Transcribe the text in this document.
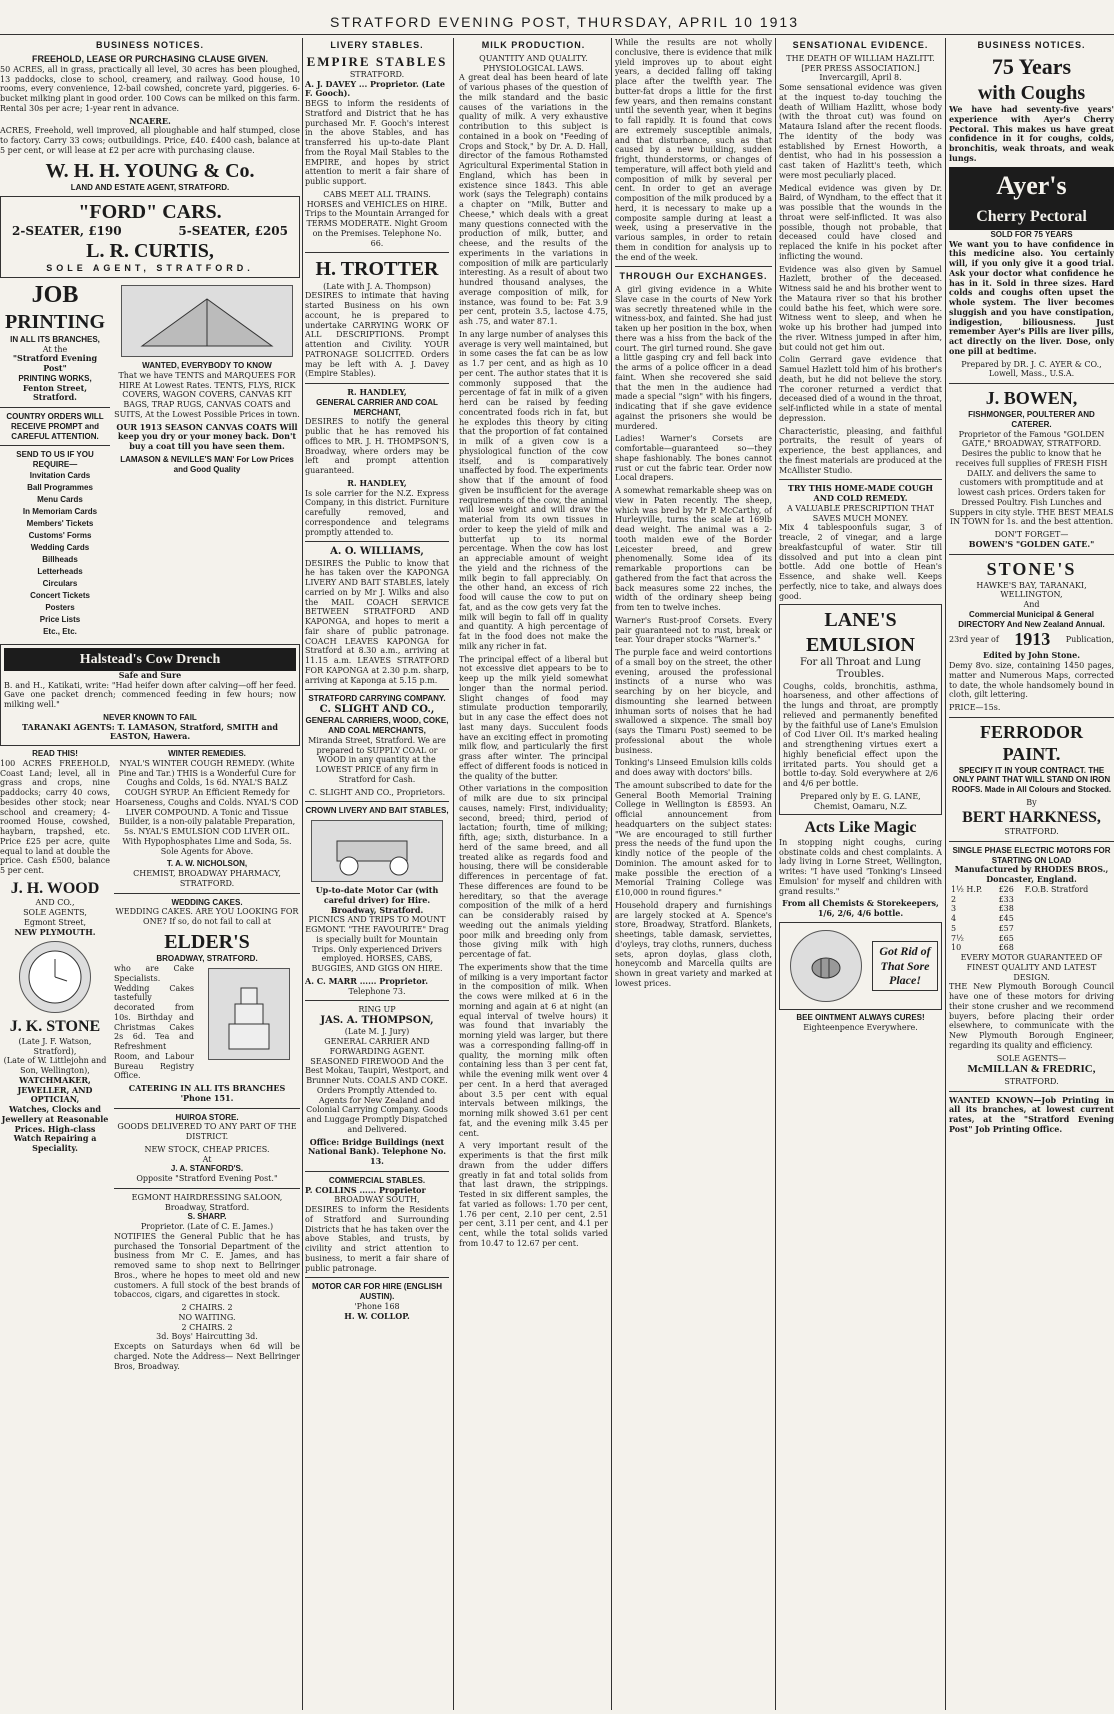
STRATFORD EVENING POST, THURSDAY, APRIL 10 1913
BUSINESS NOTICES.
FREEHOLD, LEASE OR PURCHASING CLAUSE GIVEN.

50 ACRES, all in grass, practically all level, 30 acres has been ploughed, 13 paddocks, close to school, creamery, and railway. Good house, 10 rooms, every convenience, 12-bail cowshed, concrete yard, piggeries. 6-bucket milking plant in good order. 100 Cows can be milked on this farm. Rental 30s per acre; 1-year rent in advance.

NCAERE.

ACRES, Freehold, well improved, all ploughable and half stumped, close to factory. Carry 33 cows; outbuildings. Price, £40. £400 cash, balance at 5 per cent, or will lease at £2 per acre with purchasing clause.

W. H. H. YOUNG & Co.
LAND AND ESTATE AGENT, STRATFORD.
"FORD" CARS.
2-SEATER, £190	5-SEATER, £205
L. R. CURTIS,
SOLE AGENT, STRATFORD.
JOB
PRINTING
IN ALL ITS BRANCHES,
At the
"Stratford Evening Post"
PRINTING WORKS,
Fenton Street, Stratford.
COUNTRY ORDERS WILL
RECEIVE PROMPT and CAREFUL ATTENTION.
SEND TO US IF YOU REQUIRE—
Invitation Cards
Ball Programmes
Menu Cards
In Memoriam Cards
Members' Tickets
Customs' Forms
Wedding Cards
Billheads
Letterheads
Circulars
Concert Tickets
Posters
Price Lists
Etc., Etc.
WANTED, EVERYBODY TO KNOW

That we have TENTS and MARQUEES FOR HIRE At Lowest Rates. TENTS, FLYS, RICK COVERS, WAGON COVERS, CANVAS KIT BAGS, TRAP RUGS, CANVAS COATS and SUITS, At the Lowest Possible Prices in town.

OUR 1913 SEASON CANVAS COATS Will keep you dry or your money back. Don't buy a coat till you have seen them.

LAMASON & NEVILLE'S MAN' For Low Prices and Good Quality
Halstead's Cow Drench
Safe and Sure

B. and H., Katikati, write: "Had heifer down after calving—off her feed. Gave one packet drench; commenced feeding in few hours; now milking well."

NEVER KNOWN TO FAIL
TARANAKI AGENTS: T. LAMASON, Stratford, SMITH and EASTON, Hawera.
READ THIS!

100 ACRES FREEHOLD, Coast Land; level, all in grass and crops, nine paddocks; carry 40 cows, besides other stock; near school and creamery; 4-roomed House, cowshed, haybarn, trapshed, etc. Price £25 per acre, quite equal to land at double the price. Cash £500, balance 5 per cent.

J. H. WOOD
AND CO.,
SOLE AGENTS,
Egmont Street,
NEW PLYMOUTH.
J. K. STONE
(Late J. F. Watson, Stratford),
(Late of W. Littlejohn and Son, Wellington),
WATCHMAKER, JEWELLER, AND OPTICIAN,
Watches, Clocks and Jewellery at Reasonable Prices. High-class Watch Repairing a Speciality.
WINTER REMEDIES.

NYAL'S WINTER COUGH REMEDY. (White Pine and Tar.) THIS is a Wonderful Cure for Coughs and Colds, 1s 6d. NYAL'S BALZ COUGH SYRUP. An Efficient Remedy for Hoarseness, Coughs and Colds. NYAL'S COD LIVER COMPOUND. A Tonic and Tissue Builder, is a non-oily palatable Preparation, 5s. NYAL'S EMULSION COD LIVER OIL. With Hypophosphates Lime and Soda, 5s. Sole Agents for Above.

T. A. W. NICHOLSON,
CHEMIST, BROADWAY PHARMACY, STRATFORD.
WEDDING CAKES.

WEDDING CAKES. ARE YOU LOOKING FOR ONE? If so, do not fail to call at

ELDER'S
BROADWAY, STRATFORD.

who are Cake Specialists. Wedding Cakes tastefully decorated from 10s. Birthday and Christmas Cakes 2s 6d. Tea and Refreshment Room, and Labour Bureau Registry Office.

CATERING IN ALL ITS BRANCHES 'Phone 151.
HUIROA STORE.

GOODS DELIVERED TO ANY PART OF THE DISTRICT.

NEW STOCK, CHEAP PRICES.
At
J. A. STANFORD'S.
Opposite "Stratford Evening Post."
EGMONT HAIRDRESSING SALOON,
Broadway, Stratford.
S. SHARP.
Proprietor. (Late of C. E. James.)

NOTIFIES the General Public that he has purchased the Tonsorial Department of the business from Mr C. E. James, and has removed same to shop next to Bellringer Bros., where he hopes to meet old and new customers. A full stock of the best brands of tobaccos, cigars, and cigarettes in stock.

2 CHAIRS. 2
NO WAITING.
2 CHAIRS. 2
3d. Boys' Haircutting 3d.

Excepts on Saturdays when 6d will be charged. Note the Address— Next Bellringer Bros, Broadway.

LIVERY STABLES.
EMPIRE STABLES
STRATFORD.
A. J. DAVEY ... Proprietor. (Late F. Gooch).

BEGS to inform the residents of Stratford and District that he has purchased Mr. F. Gooch's interest in the above Stables, and has transferred his up-to-date Plant from the Royal Mail Stables to the EMPIRE, and hopes by strict attention to merit a fair share of public support.

CABS MEET ALL TRAINS. HORSES and VEHICLES on HIRE. Trips to the Mountain Arranged for TERMS MODERATE. Night Groom on the Premises. Telephone No. 66.

H. TROTTER
(Late with J. A. Thompson)

DESIRES to intimate that having started Business on his own account, he is prepared to undertake CARRYING WORK OF ALL DESCRIPTIONS. Prompt attention and Civility. YOUR PATRONAGE SOLICITED. Orders may be left with A. J. Davey (Empire Stables).

R. HANDLEY,
GENERAL CARRIER AND COAL MERCHANT,

DESIRES to notify the general public that he has removed his offices to MR. J. H. THOMPSON'S, Broadway, where orders may be left and prompt attention guaranteed.

R. HANDLEY,

Is sole carrier for the N.Z. Express Company, in this district. Furniture carefully removed, and correspondence and telegrams promptly attended to.

A. O. WILLIAMS,

DESIRES the Public to know that he has taken over the KAPONGA LIVERY AND BAIT STABLES, lately carried on by Mr J. Wilks and also the MAIL COACH SERVICE BETWEEN STRATFORD AND KAPONGA, and hopes to merit a fair share of public patronage. COACH LEAVES KAPONGA for Stratford at 8.30 a.m., arriving at 11.15 a.m. LEAVES STRATFORD FOR KAPONGA at 2.30 p.m. sharp, arriving at Kaponga at 5.15 p.m.

STRATFORD CARRYING COMPANY.
C. SLIGHT AND CO.,
GENERAL CARRIERS, WOOD, COKE, AND COAL MERCHANTS,

Miranda Street, Stratford. We are prepared to SUPPLY COAL or WOOD in any quantity at the LOWEST PRICE of any firm in Stratford for Cash.

C. SLIGHT AND CO., Proprietors.
CROWN LIVERY AND BAIT STABLES,
Up-to-date Motor Car (with careful driver) for Hire. Broadway, Stratford.

PICNICS AND TRIPS TO MOUNT EGMONT. "THE FAVOURITE" Drag is specially built for Mountain Trips. Only experienced Drivers employed. HORSES, CABS, BUGGIES, AND GIGS ON HIRE.

A. C. MARR ...... Proprietor.
Telephone 73.
RING UP
JAS. A. THOMPSON,
(Late M. J. Jury)

GENERAL CARRIER AND FORWARDING AGENT. SEASONED FIREWOOD And the Best Mokau, Taupiri, Westport, and Brunner Nuts. COALS AND COKE. Orders Promptly Attended to. Agents for New Zealand and Colonial Carrying Company. Goods and Luggage Promptly Dispatched and Delivered.

Office: Bridge Buildings (next National Bank). Telephone No. 13.

COMMERCIAL STABLES.
P. COLLINS ...... Proprietor
BROADWAY SOUTH,

DESIRES to inform the Residents of Stratford and Surrounding Districts that he has taken over the above Stables, and trusts, by civility and strict attention to business, to merit a fair share of public patronage.

MOTOR CAR FOR HIRE (ENGLISH AUSTIN).
'Phone 168
H. W. COLLOP.
MILK PRODUCTION.
QUANTITY AND QUALITY.
PHYSIOLOGICAL LAWS.

A great deal has been heard of late of various phases of the question of the milk standard and the basic causes of the variations in the quality of milk. A very exhaustive contribution to this subject is contained in a book on "Feeding of Crops and Stock," by Dr. A. D. Hall, director of the famous Rothamsted Agricultural Experimental Station in England, which has been in existence since 1843. This able work (says the Telegraph) contains a chapter on "Milk, Butter and Cheese," which deals with a great many questions connected with the production of milk, butter, and cheese, and the results of the experiments in the variations in composition of milk are particularly interesting. As a result of about two hundred thousand analyses, the average composition of milk, for instance, was found to be: Fat 3.9 per cent, protein 3.5, lactose 4.75, ash .75, and water 87.1.

In any large number of analyses this average is very well maintained, but in some cases the fat can be as low as 1.7 per cent, and as high as 10 per cent. The author states that it is commonly supposed that the percentage of fat in milk of a given herd can be raised by feeding concentrated foods rich in fat, but he explodes this theory by citing that the proportion of fat contained in milk of a given cow is a physiological function of the cow itself, and is comparatively unaffected by food. The experiments show that if the amount of food given be insufficient for the average requirements of the cow, the animal will lose weight and will draw the material from its own tissues in order to keep the yield of milk and butterfat up to its normal percentage. When the cow has lost an appreciable amount of weight the yield and the richness of the milk begin to fall appreciably. On the other hand, an excess of rich food will cause the cow to put on fat, and as the cow gets very fat the milk will begin to fall off in quality and quantity. A high percentage of fat in the food does not make the milk any richer in fat.

The principal effect of a liberal but not excessive diet appears to be to keep up the milk yield somewhat longer than the normal period. Slight changes of food may stimulate production temporarily, but in any case the effect does not last many days. Succulent foods have an exciting effect in promoting milk flow, and particularly the first grass after winter. The principal effect of different foods is noticed in the quality of the butter.

Other variations in the composition of milk are due to six principal causes, namely: First, individuality; second, breed; third, period of lactation; fourth, time of milking; fifth, age; sixth, disturbance. In a herd of the same breed, and all treated alike as regards food and housing, there will be considerable differences in percentage of fat. These differences are found to be hereditary, so that the average composition of the milk of a herd can be considerably raised by weeding out the animals yielding poor milk and breeding only from those giving milk with high percentage of fat.

The experiments show that the time of milking is a very important factor in the composition of milk. When the cows were milked at 6 in the morning and again at 6 at night (an equal interval of twelve hours) it was found that invariably the morning yield was larger, but there was a corresponding falling-off in quality, the morning milk often containing less than 3 per cent fat, while the evening milk went over 4 per cent. In a herd that averaged about 3.5 per cent with equal intervals between milkings, the morning milk showed 3.61 per cent fat, and the evening milk 3.45 per cent.

A very important result of the experiments is that the first milk drawn from the udder differs greatly in fat and total solids from that last drawn, the strippings. Tested in six different samples, the fat varied as follows: 1.70 per cent, 1.76 per cent, 2.10 per cent, 2.51 per cent, 3.11 per cent, and 4.1 per cent, while the total solids varied from 10.47 to 12.67 per cent.

While the results are not wholly conclusive, there is evidence that milk yield improves up to about eight years, a decided falling off taking place after the twelfth year. The butter-fat drops a little for the first few years, and then remains constant until the seventh year, when it begins to fall rapidly. It is found that cows are extremely susceptible animals, and that disturbance, such as that caused by a new building, sudden fright, thunderstorms, or changes of temperature, will affect both yield and composition of milk by several per cent. In order to get an average composition of the milk produced by a herd, it is necessary to make up a composite sample during at least a week, using a preservative in the various samples, in order to retain them in condition for analysis up to the end of the week.

THROUGH Our EXCHANGES.

A girl giving evidence in a White Slave case in the courts of New York was secretly threatened while in the witness-box, and fainted. She had just taken up her position in the box, when there was a hiss from the back of the court. The girl turned round. She gave a little gasping cry and fell back into the arms of a police officer in a dead faint. When she recovered she said that the men in the audience had made a special "sign" with his fingers, indicating that if she gave evidence against the prisoners she would be murdered.

Ladies! Warner's Corsets are comfortable—guaranteed so—they shape fashionably. The bones cannot rust or cut the fabric tear. Order now Local drapers.

A somewhat remarkable sheep was on view in Paten recently. The sheep, which was bred by Mr P. McCarthy, of Hurleyville, turns the scale at 169lb dead weight. The animal was a 2-tooth maiden ewe of the Border Leicester breed, and grew phenomenally. Some idea of its remarkable proportions can be gathered from the fact that across the back measures some 22 inches, the width of the ordinary sheep being from ten to twelve inches.

Warner's Rust-proof Corsets. Every pair guaranteed not to rust, break or tear. Your draper stocks "Warner's."

The purple face and weird contortions of a small boy on the street, the other evening, aroused the professional instincts of a nurse who was searching by on her bicycle, and dismounting she learned between inhuman sorts of noises that he had swallowed a sixpence. The small boy (says the Timaru Post) seemed to be professional about the whole business.

Tonking's Linseed Emulsion kills colds and does away with doctors' bills.

The amount subscribed to date for the General Booth Memorial Training College in Wellington is £8593. An official announcement from headquarters on the subject states: "We are encouraged to still further press the needs of the fund upon the kindly notice of the people of the Dominion. The amount asked for to make possible the erection of a Memorial Training College was £10,000 in round figures."

Household drapery and furnishings are largely stocked at A. Spence's store, Broadway, Stratford. Blankets, sheetings, table damask, serviettes, d'oyleys, tray cloths, runners, duchess sets, apron doylas, glass cloth, honeycomb and Marcella quilts are shown in great variety and marked at lowest prices.

SENSATIONAL EVIDENCE.
THE DEATH OF WILLIAM HAZLITT.
[PER PRESS ASSOCIATION.] Invercargill, April 8.

Some sensational evidence was given at the inquest to-day touching the death of William Hazlitt, whose body (with the throat cut) was found on Mataura Island after the recent floods. The identity of the body was established by Ernest Howorth, a dentist, who had in his possession a cast taken of Hazlitt's teeth, which were most peculiarly placed.

Medical evidence was given by Dr. Baird, of Wyndham, to the effect that it was possible that the wounds in the throat were self-inflicted. It was also possible, though not probable, that deceased could have closed and replaced the knife in his pocket after inflicting the wound.

Evidence was also given by Samuel Hazlett, brother of the deceased. Witness said he and his brother went to the Mataura river so that his brother could bathe his feet, which were sore. Witness went to sleep, and when he woke up his brother had jumped into the river. Witness jumped in after him, but could not get him out.

Colin Gerrard gave evidence that Samuel Hazlett told him of his brother's death, but he did not believe the story. The coroner returned a verdict that deceased died of a wound in the throat, self-inflicted while in a state of mental depression.

Characteristic, pleasing, and faithful portraits, the result of years of experience, the best appliances, and the finest materials are produced at the McAllister Studio.

TRY THIS HOME-MADE COUGH AND COLD REMEDY.
A VALUABLE PRESCRIPTION THAT SAVES MUCH MONEY.

Mix 4 tablespoonfuls sugar, 3 of treacle, 2 of vinegar, and a large breakfastcupful of water. Stir till dissolved and put into a clean pint bottle. Add one bottle of Hean's Essence, and shake well. Keeps perfectly, nice to take, and always does good.

LANE'S EMULSION
For all Throat and Lung Troubles.

Coughs, colds, bronchitis, asthma, hoarseness, and other affections of the lungs and throat, are promptly relieved and permanently benefited by the faithful use of Lane's Emulsion of Cod Liver Oil. It's marked healing and strengthening virtues exert a highly beneficial effect upon the irritated parts. You should get a bottle to-day. Sold everywhere at 2/6 and 4/6 per bottle.

Prepared only by E. G. LANE, Chemist, Oamaru, N.Z.
Acts Like Magic

In stopping night coughs, curing obstinate colds and chest complaints. A lady living in Lorne Street, Wellington, writes: "I have used 'Tonking's Linseed Emulsion' for myself and children with grand results."

From all Chemists & Storekeepers, 1/6, 2/6, 4/6 bottle.
Got Rid of That Sore Place!
BEE OINTMENT ALWAYS CURES!
Eighteenpence Everywhere.
BUSINESS NOTICES.
75 Years
with Coughs

We have had seventy-five years' experience with Ayer's Cherry Pectoral. This makes us have great confidence in it for coughs, colds, bronchitis, weak throats, and weak lungs.

Ayer's
Cherry Pectoral
SOLD FOR 75 YEARS

We want you to have confidence in this medicine also. You certainly will, if you only give it a good trial. Ask your doctor what confidence he has in it. Sold in three sizes. Hard colds and coughs often upset the whole system. The liver becomes sluggish and you have constipation, indigestion, biliousness. Just remember Ayer's Pills are liver pills, act directly on the liver. Dose, only one pill at bedtime.

Prepared by DR. J. C. AYER & CO., Lowell, Mass., U.S.A.
J. BOWEN,
FISHMONGER, POULTERER AND CATERER.
Proprietor of the Famous "GOLDEN GATE," BROADWAY, STRATFORD.

Desires the public to know that he receives full supplies of FRESH FISH DAILY. and delivers the same to customers with promptitude and at lowest cash prices. Orders taken for Dressed Poultry. Fish Lunches and Suppers in city style. THE BEST MEALS IN TOWN for 1s. and the best attention.

DON'T FORGET—
BOWEN'S "GOLDEN GATE."
STONE'S
HAWKE'S BAY, TARANAKI, WELLINGTON,
And
Commercial Municipal & General DIRECTORY And New Zealand Annual.
23rd year of 1913 Publication,
Edited by John Stone.

Demy 8vo. size, containing 1450 pages, matter and Numerous Maps, corrected to date, the whole handsomely bound in cloth, gilt lettering.

PRICE—15s.
FERRODOR PAINT.

SPECIFY IT IN YOUR CONTRACT. THE ONLY PAINT THAT WILL STAND ON IRON ROOFS. Made in All Colours and Stocked.

By
BERT HARKNESS,
STRATFORD.
SINGLE PHASE ELECTRIC MOTORS FOR STARTING ON LOAD
Manufactured by RHODES BROS., Doncaster, England.
1½ H.P.	£26	F.O.B. Stratford
2	£33	
3	£38	
4	£45	
5	£57	
7½	£65	
10	£68	
EVERY MOTOR GUARANTEED OF FINEST QUALITY AND LATEST DESIGN.

THE New Plymouth Borough Council have one of these motors for driving their stone crusher and we recommend buyers, before placing their order elsewhere, to communicate with the New Plymouth Borough Engineer, regarding its quality and efficiency.

SOLE AGENTS—
McMILLAN & FREDRIC,
STRATFORD.

WANTED KNOWN—Job Printing in all its branches, at lowest current rates, at the "Stratford Evening Post" Job Printing Office.
